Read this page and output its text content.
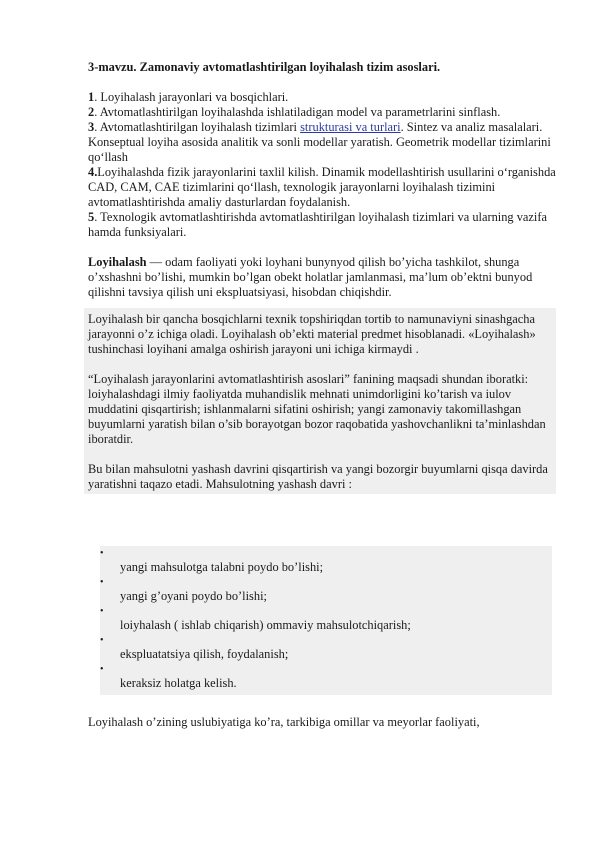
3-mavzu. Zamonaviy avtomatlashtirilgan loyihalash tizim asoslari.

1. Loyihalash jarayonlari va bosqichlari.

2. Avtomatlashtirilgan loyihalashda ishlatiladigan model va parametrlarini sinflash.

3. Avtomatlashtirilgan loyihalash tizimlari strukturasi va turlari. Sintez va analiz masalalari. Konseptual loyiha asosida analitik va sonli modellar yaratish. Geometrik modellar tizimlarini qo‘llash

4.Loyihalashda fizik jarayonlarini taxlil kilish. Dinamik modellashtirish usullarini o‘rganishda CAD, CAM, CAE tizimlarini qo‘llash, texnologik jarayonlarni loyihalash tizimini avtomatlashtirishda amaliy dasturlardan foydalanish.

5. Texnologik avtomatlashtirishda avtomatlashtirilgan loyihalash tizimlari va ularning vazifa hamda funksiyalari.

Loyihalash — odam faoliyati yoki loyhani bunynyod qilish bo’yicha tashkilot, shunga o’xshashni bo’lishi, mumkin bo’lgan obekt holatlar jamlanmasi, ma’lum ob’ektni bunyod qilishni tavsiya qilish uni ekspluatsiyasi, hisobdan chiqishdir.

Loyihalash bir qancha bosqichlarni texnik topshiriqdan tortib to namunaviyni sinashgacha jarayonni o’z ichiga oladi. Loyihalash ob’ekti material predmet hisoblanadi. «Loyihalash» tushinchasi loyihani amalga oshirish jarayoni uni ichiga kirmaydi .

“Loyihalash jarayonlarini avtomatlashtirish asoslari” fanining maqsadi shundan iboratki: loiyhalashdagi ilmiy faoliyatda muhandislik mehnati unimdorligini ko’tarish va iulov muddatini qisqartirish; ishlanmalarni sifatini oshirish; yangi zamonaviy takomillashgan buyumlarni yaratish bilan o’sib borayotgan bozor raqobatida yashovchanlikni ta’minlashdan iboratdir.

Bu bilan mahsulotni yashash davrini qisqartirish va yangi bozorgir buyumlarni qisqa davirda yaratishni taqazo etadi. Mahsulotning yashash davri :

•
yangi mahsulotga talabni poydo bo’lishi;
•
yangi g’oyani poydo bo’lishi;
•
loiyhalash ( ishlab chiqarish) ommaviy mahsulotchiqarish;
•
ekspluatatsiya qilish, foydalanish;
•
keraksiz holatga kelish.

Loyihalash o’zining uslubiyatiga ko’ra, tarkibiga omillar va meyorlar faoliyati,
